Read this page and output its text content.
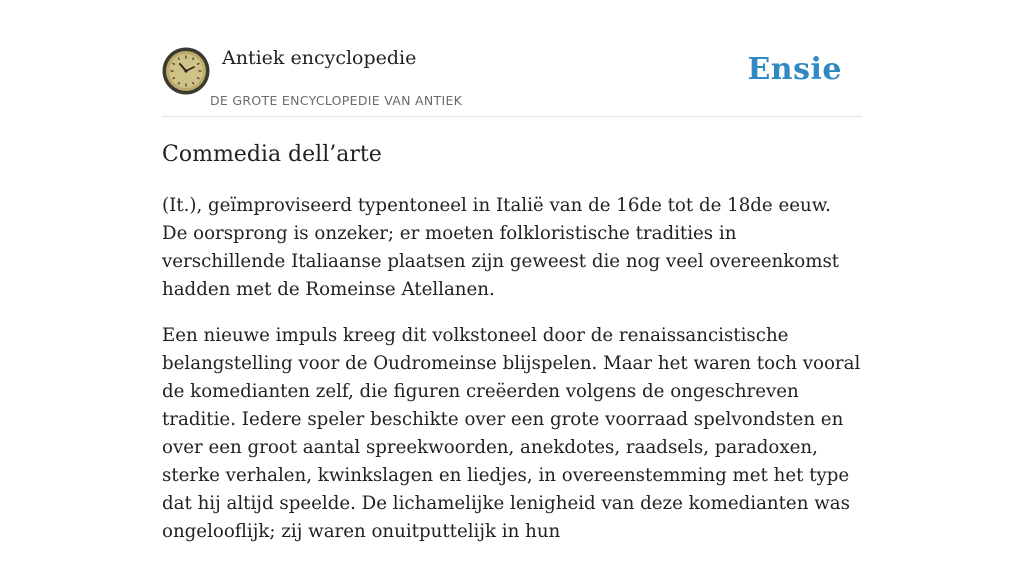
Antiek encyclopedie
DE GROTE ENCYCLOPEDIE VAN ANTIEK
Ensie
Commedia dell’arte

(It.), geïmproviseerd typentoneel in Italië van de 16de tot de 18de eeuw. De oorsprong is onzeker; er moeten folkloristische tradities in verschillende Italiaanse plaatsen zijn geweest die nog veel overeenkomst hadden met de Romeinse Atellanen.

Een nieuwe impuls kreeg dit volkstoneel door de renaissancistische belangstelling voor de Oudromeinse blijspelen. Maar het waren toch vooral de komedianten zelf, die figuren creëerden volgens de ongeschreven traditie. Iedere speler beschikte over een grote voorraad spelvondsten en over een groot aantal spreekwoorden, anekdotes, raadsels, paradoxen, sterke verhalen, kwinkslagen en liedjes, in overeenstemming met het type dat hij altijd speelde. De lichamelijke lenigheid van deze komedianten was ongelooflijk; zij waren onuitputtelijk in hun
